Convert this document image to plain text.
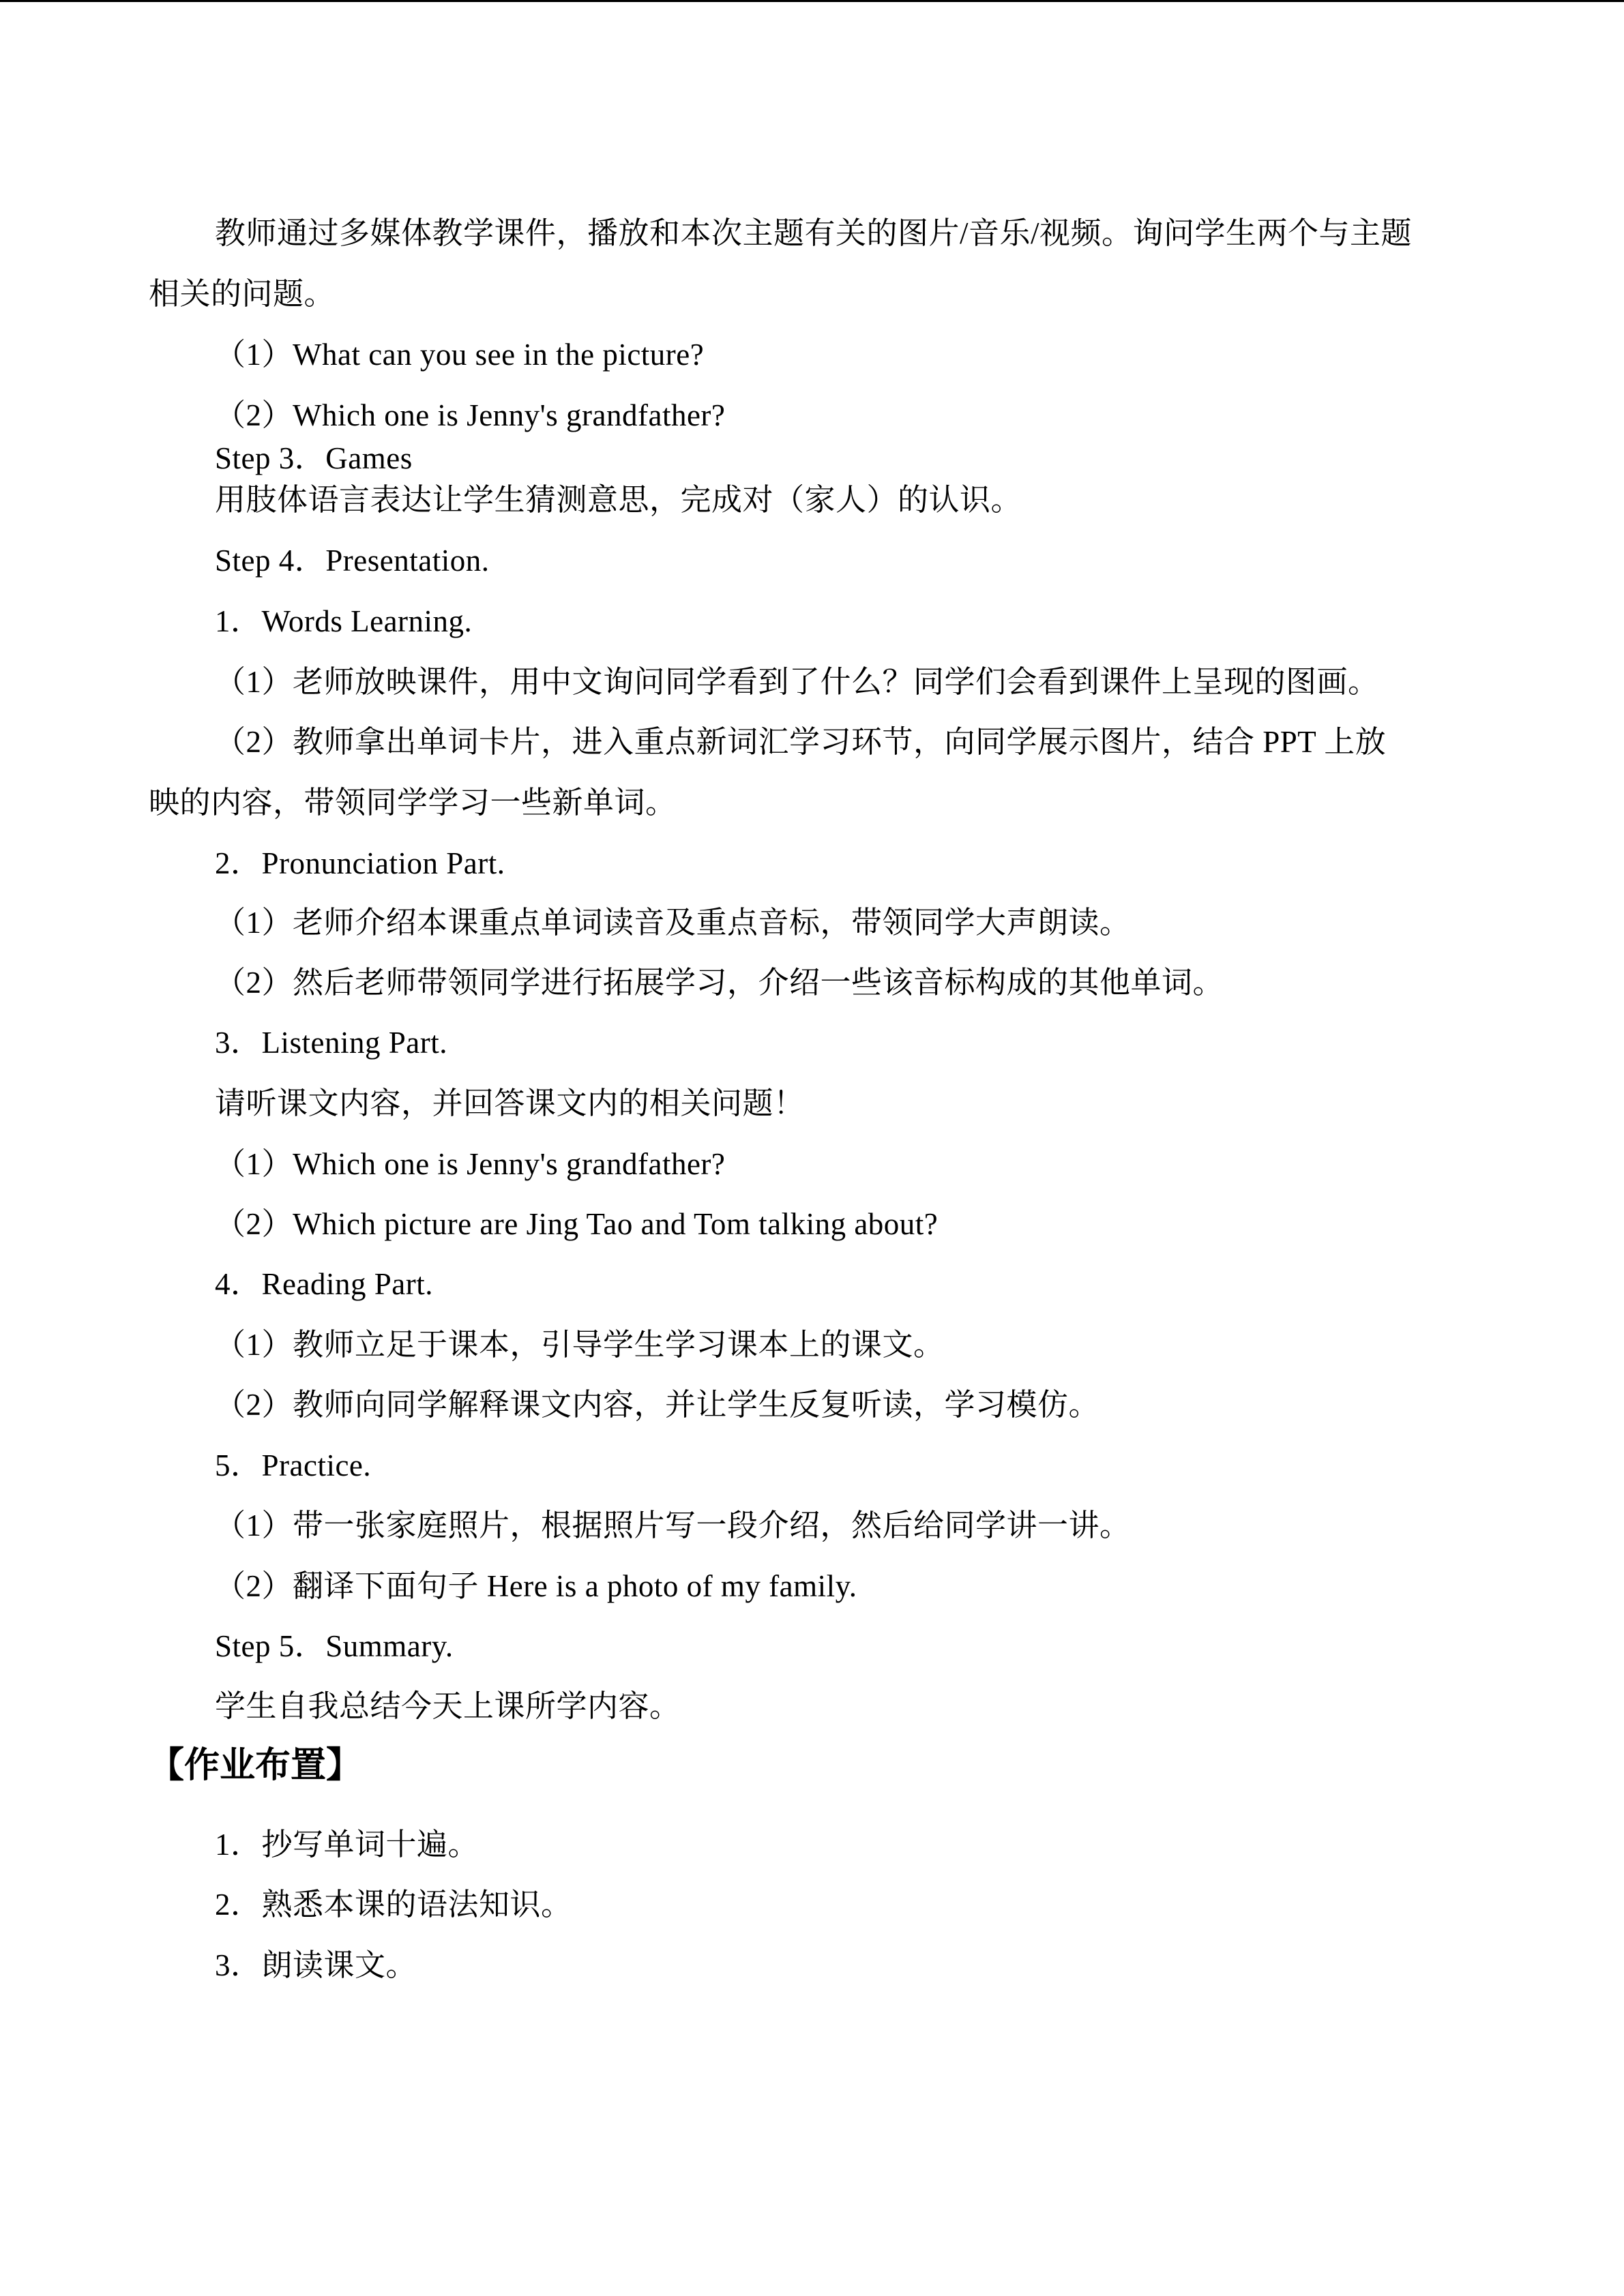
教师通过多媒体教学课件，播放和本次主题有关的图片/音乐/视频。询问学生两个与主题
相关的问题。
（1）What can you see in the picture?
（2）Which one is Jenny's grandfather?
Step 3．Games
用肢体语言表达让学生猜测意思，完成对（家人）的认识。
Step 4．Presentation.
1．Words Learning.
（1）老师放映课件，用中文询问同学看到了什么？同学们会看到课件上呈现的图画。
（2）教师拿出单词卡片，进入重点新词汇学习环节，向同学展示图片，结合 PPT 上放
映的内容，带领同学学习一些新单词。
2．Pronunciation Part.
（1）老师介绍本课重点单词读音及重点音标，带领同学大声朗读。
（2）然后老师带领同学进行拓展学习，介绍一些该音标构成的其他单词。
3．Listening Part.
请听课文内容，并回答课文内的相关问题！
（1）Which one is Jenny's grandfather?
（2）Which picture are Jing Tao and Tom talking about?
4．Reading Part.
（1）教师立足于课本，引导学生学习课本上的课文。
（2）教师向同学解释课文内容，并让学生反复听读，学习模仿。
5．Practice.
（1）带一张家庭照片，根据照片写一段介绍，然后给同学讲一讲。
（2）翻译下面句子 Here is a photo of my family.
Step 5．Summary.
学生自我总结今天上课所学内容。
【作业布置】
1．抄写单词十遍。
2．熟悉本课的语法知识。
3．朗读课文。
